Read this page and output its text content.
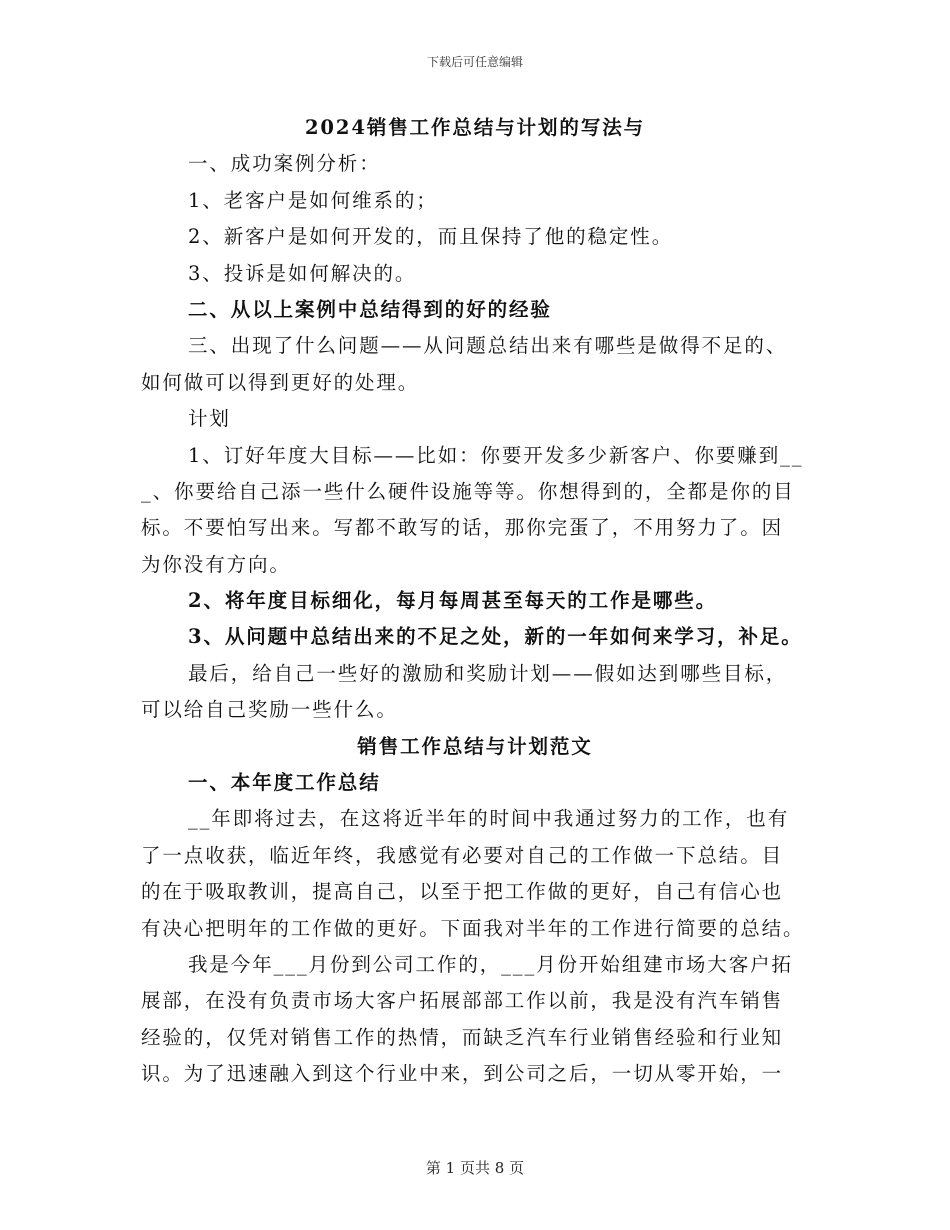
下载后可任意编辑
2024销售工作总结与计划的写法与
一、成功案例分析：
1、老客户是如何维系的；
2、新客户是如何开发的，而且保持了他的稳定性。
3、投诉是如何解决的。
二、从以上案例中总结得到的好的经验
三、出现了什么问题——从问题总结出来有哪些是做得不足的、
如何做可以得到更好的处理。
计划
1、订好年度大目标——比如：你要开发多少新客户、你要赚到__
_、你要给自己添一些什么硬件设施等等。你想得到的，全都是你的目
标。不要怕写出来。写都不敢写的话，那你完蛋了，不用努力了。因
为你没有方向。
2、将年度目标细化，每月每周甚至每天的工作是哪些。
3、从问题中总结出来的不足之处，新的一年如何来学习，补足。
最后，给自己一些好的激励和奖励计划——假如达到哪些目标，
可以给自己奖励一些什么。
销售工作总结与计划范文
一、本年度工作总结
__年即将过去，在这将近半年的时间中我通过努力的工作，也有
了一点收获，临近年终，我感觉有必要对自己的工作做一下总结。目
的在于吸取教训，提高自己，以至于把工作做的更好，自己有信心也
有决心把明年的工作做的更好。下面我对半年的工作进行简要的总结。
我是今年___月份到公司工作的，___月份开始组建市场大客户拓
展部，在没有负责市场大客户拓展部部工作以前，我是没有汽车销售
经验的，仅凭对销售工作的热情，而缺乏汽车行业销售经验和行业知
识。为了迅速融入到这个行业中来，到公司之后，一切从零开始，一
第 1 页共 8 页
